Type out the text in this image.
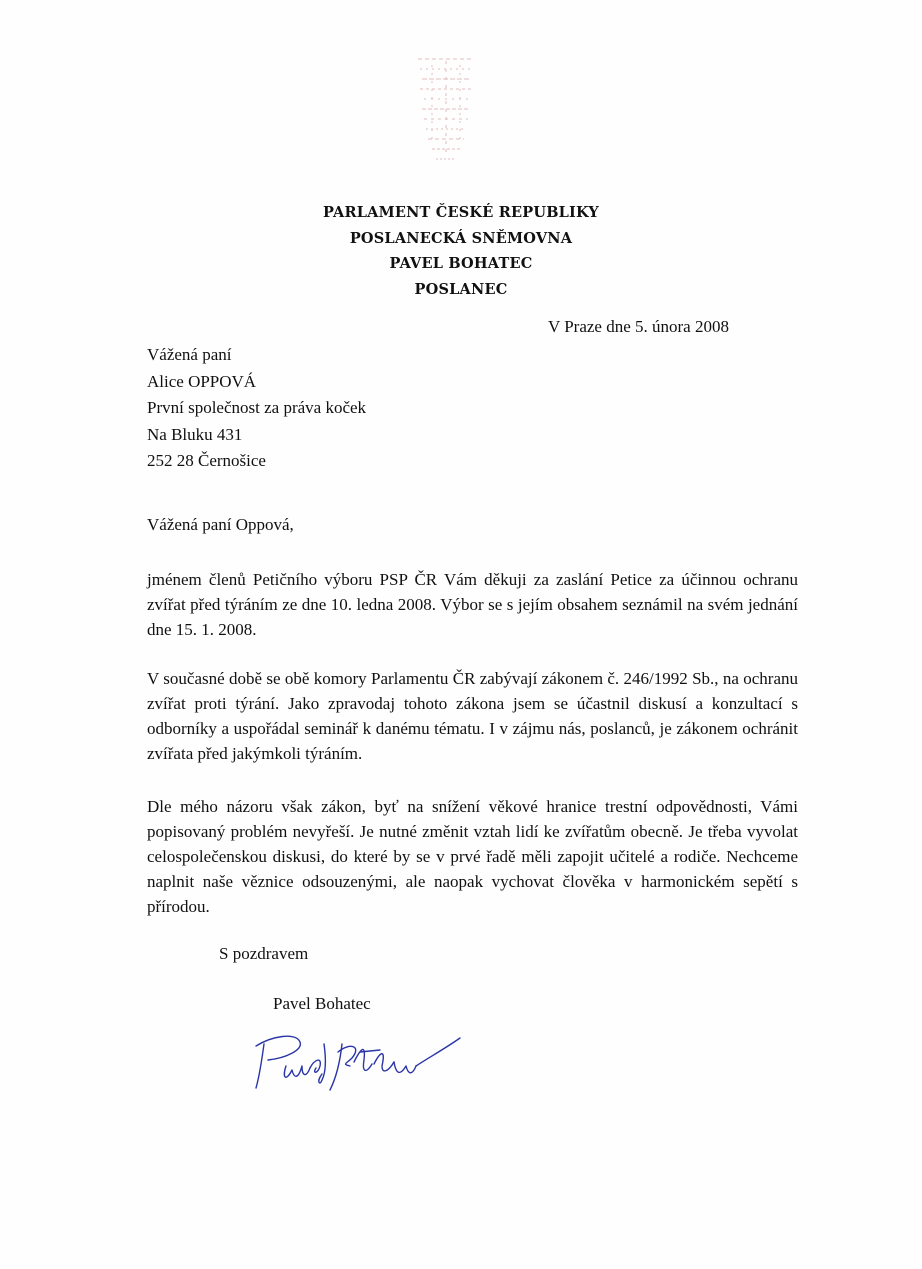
PARLAMENT ČESKÉ REPUBLIKY
POSLANECKÁ SNĚMOVNA
PAVEL BOHATEC
POSLANEC
V Praze dne 5. února 2008
Vážená paní
Alice OPPOVÁ
První společnost za práva koček
Na Bluku 431
252 28 Černošice
Vážená paní Oppová,
jménem členů Petičního výboru PSP ČR Vám děkuji za zaslání Petice za účinnou ochranu zvířat před týráním ze dne 10. ledna 2008. Výbor se s jejím obsahem seznámil na svém jednání dne 15. 1. 2008.
V současné době se obě komory Parlamentu ČR zabývají zákonem č. 246/1992 Sb., na ochranu zvířat proti týrání. Jako zpravodaj tohoto zákona jsem se účastnil diskusí a konzultací s odborníky a uspořádal seminář k danému tématu. I v zájmu nás, poslanců, je zákonem ochránit zvířata před jakýmkoli týráním.
Dle mého názoru však zákon, byť na snížení věkové hranice trestní odpovědnosti, Vámi popisovaný problém nevyřeší. Je nutné změnit vztah lidí ke zvířatům obecně. Je třeba vyvolat celospolečenskou diskusi, do které by se v prvé řadě měli zapojit učitelé a rodiče. Nechceme naplnit naše věznice odsouzenými, ale naopak vychovat člověka v harmonickém sepětí s přírodou.
S pozdravem
Pavel Bohatec
